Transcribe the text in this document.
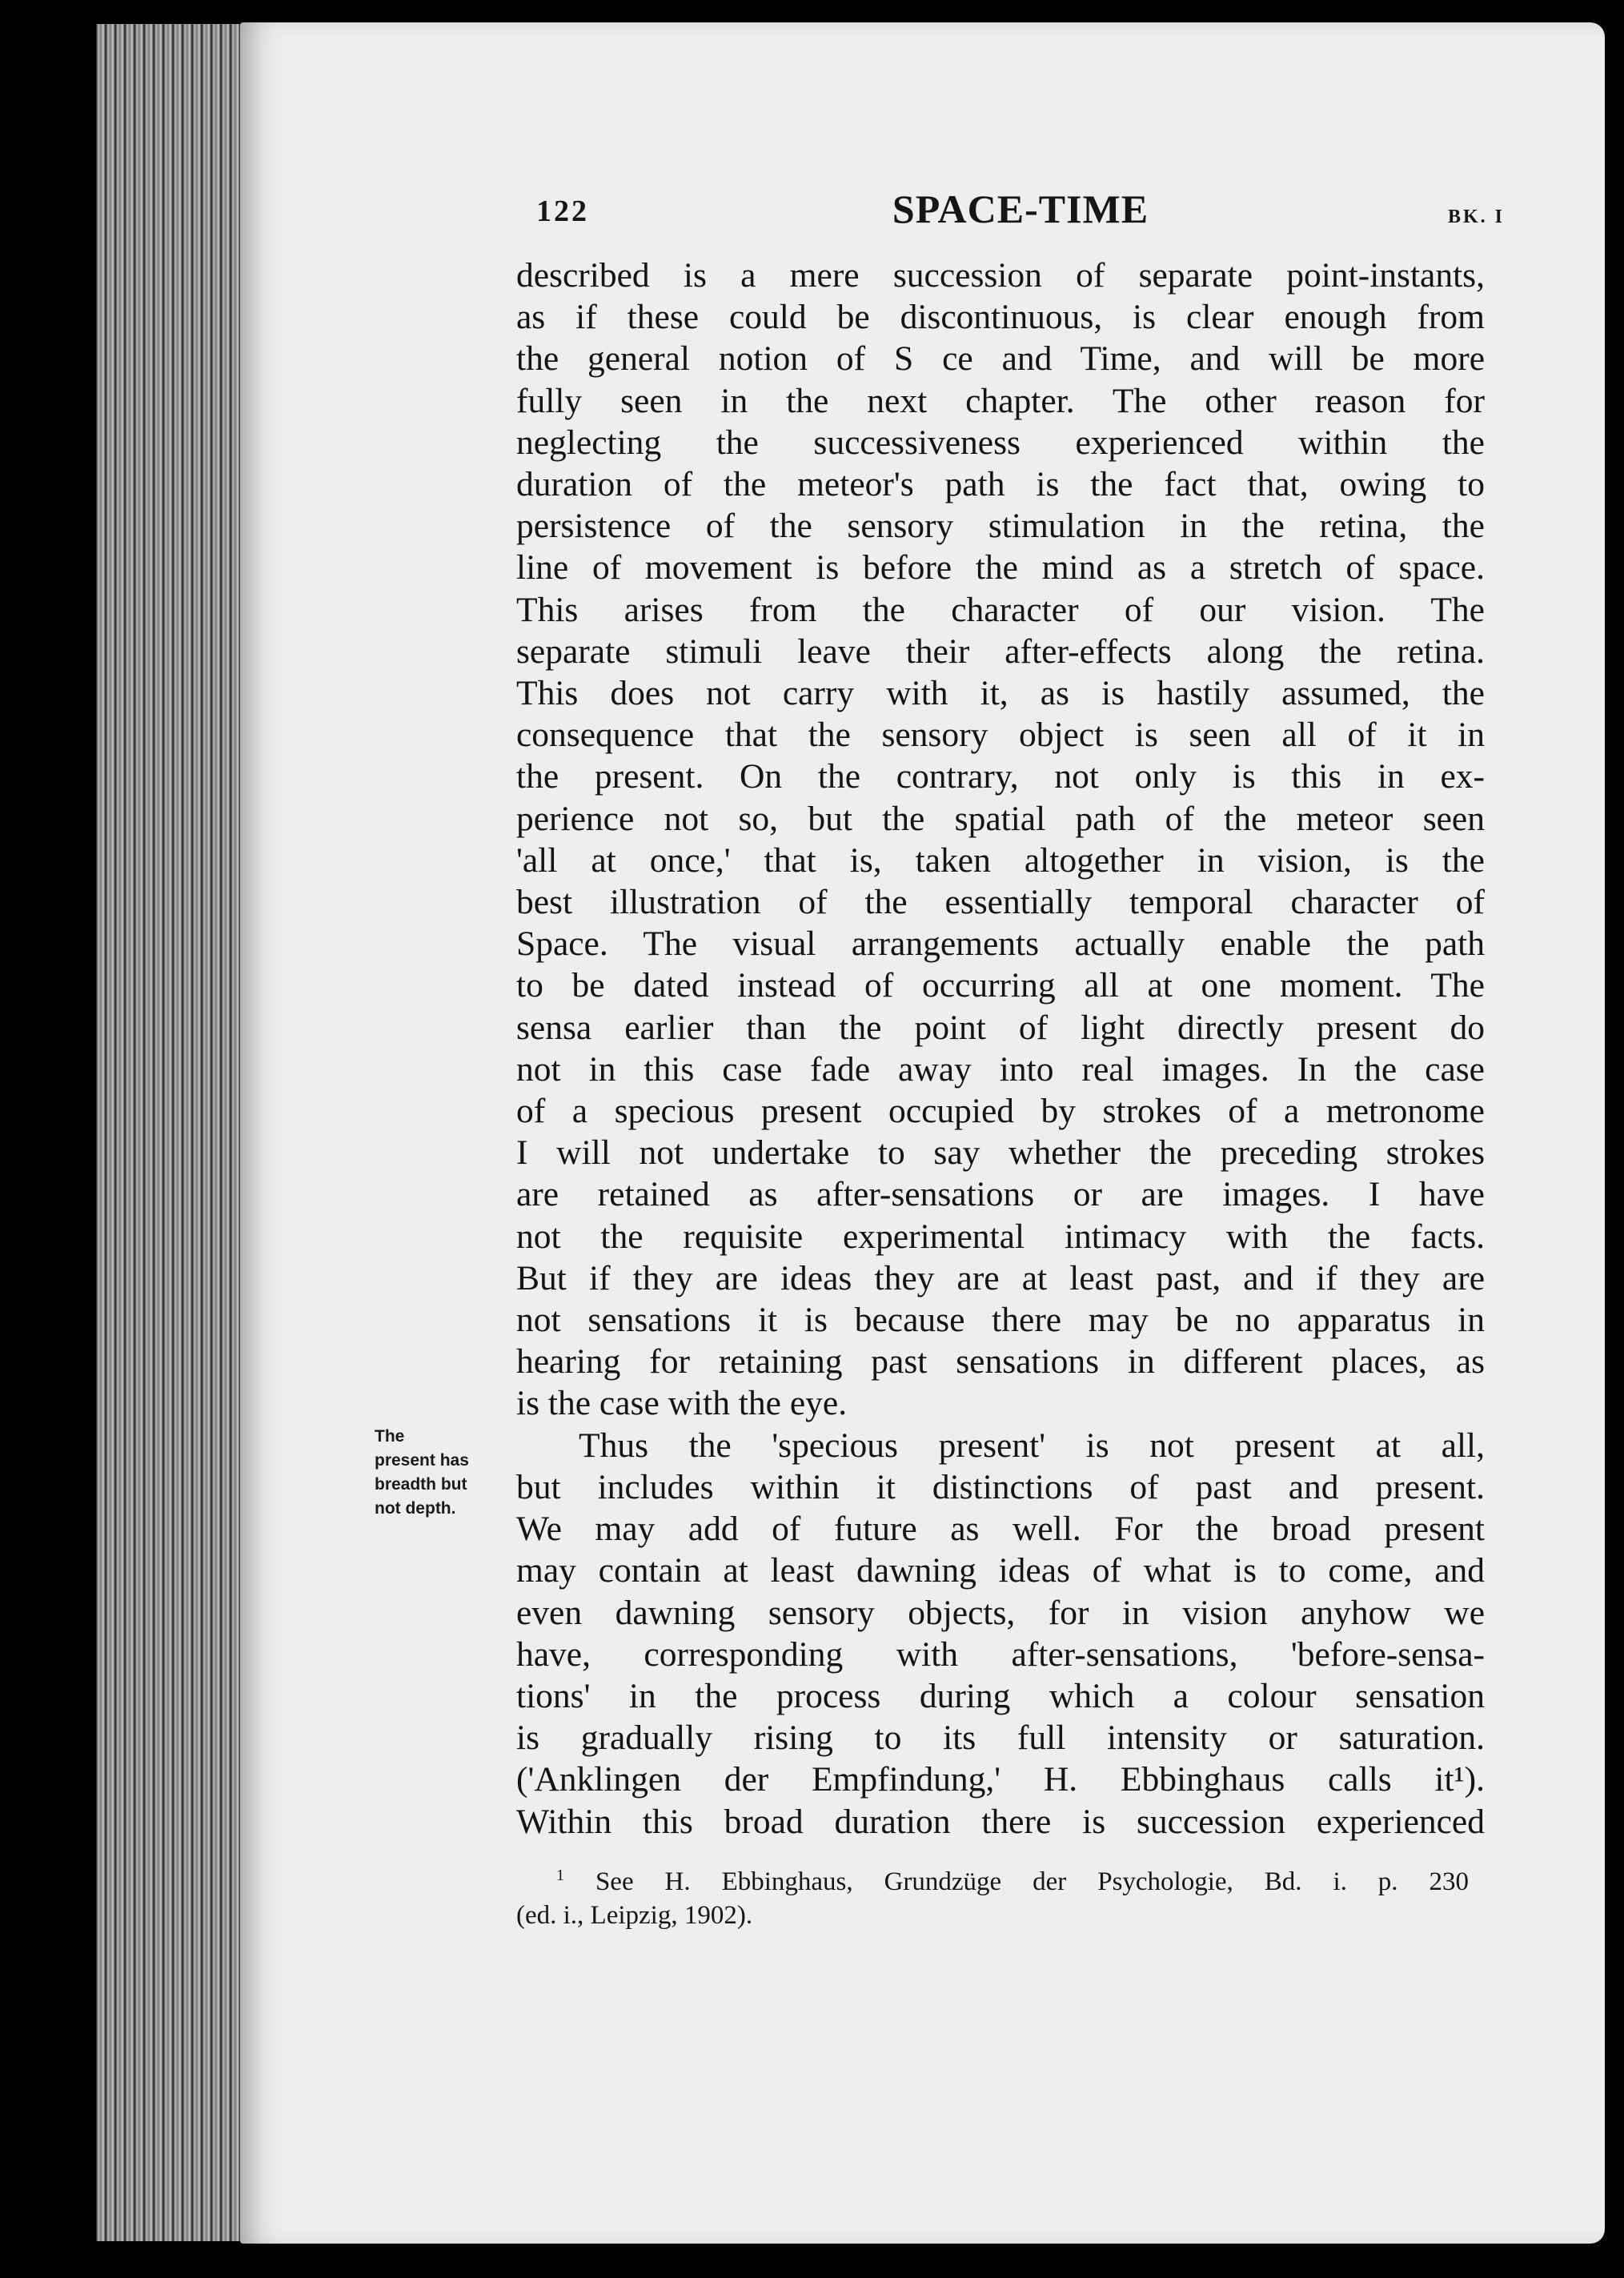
122	SPACE-TIME	BK. I
described is a mere succession of separate point-instants,
as if these could be discontinuous, is clear enough from
the general notion of S ce and Time, and will be more
fully seen in the next chapter. The other reason for
neglecting the successiveness experienced within the
duration of the meteor's path is the fact that, owing to
persistence of the sensory stimulation in the retina, the
line of movement is before the mind as a stretch of space.
This arises from the character of our vision. The
separate stimuli leave their after-effects along the retina.
This does not carry with it, as is hastily assumed, the
consequence that the sensory object is seen all of it in
the present. On the contrary, not only is this in ex-
perience not so, but the spatial path of the meteor seen
'all at once,' that is, taken altogether in vision, is the
best illustration of the essentially temporal character of
Space. The visual arrangements actually enable the path
to be dated instead of occurring all at one moment. The
sensa earlier than the point of light directly present do
not in this case fade away into real images. In the case
of a specious present occupied by strokes of a metronome
I will not undertake to say whether the preceding strokes
are retained as after-sensations or are images. I have
not the requisite experimental intimacy with the facts.
But if they are ideas they are at least past, and if they are
not sensations it is because there may be no apparatus in
hearing for retaining past sensations in different places, as
is the case with the eye.
Thus the 'specious present' is not present at all,
but includes within it distinctions of past and present.
We may add of future as well. For the broad present
may contain at least dawning ideas of what is to come, and
even dawning sensory objects, for in vision anyhow we
have, corresponding with after-sensations, 'before-sensa-
tions' in the process during which a colour sensation
is gradually rising to its full intensity or saturation.
('Anklingen der Empfindung,' H. Ebbinghaus calls it¹).
Within this broad duration there is succession experienced
The
present has
breadth but
not depth.
$^1$ See H. Ebbinghaus, Grundzüge der Psychologie, Bd. i. p. 230
(ed. i., Leipzig, 1902).
